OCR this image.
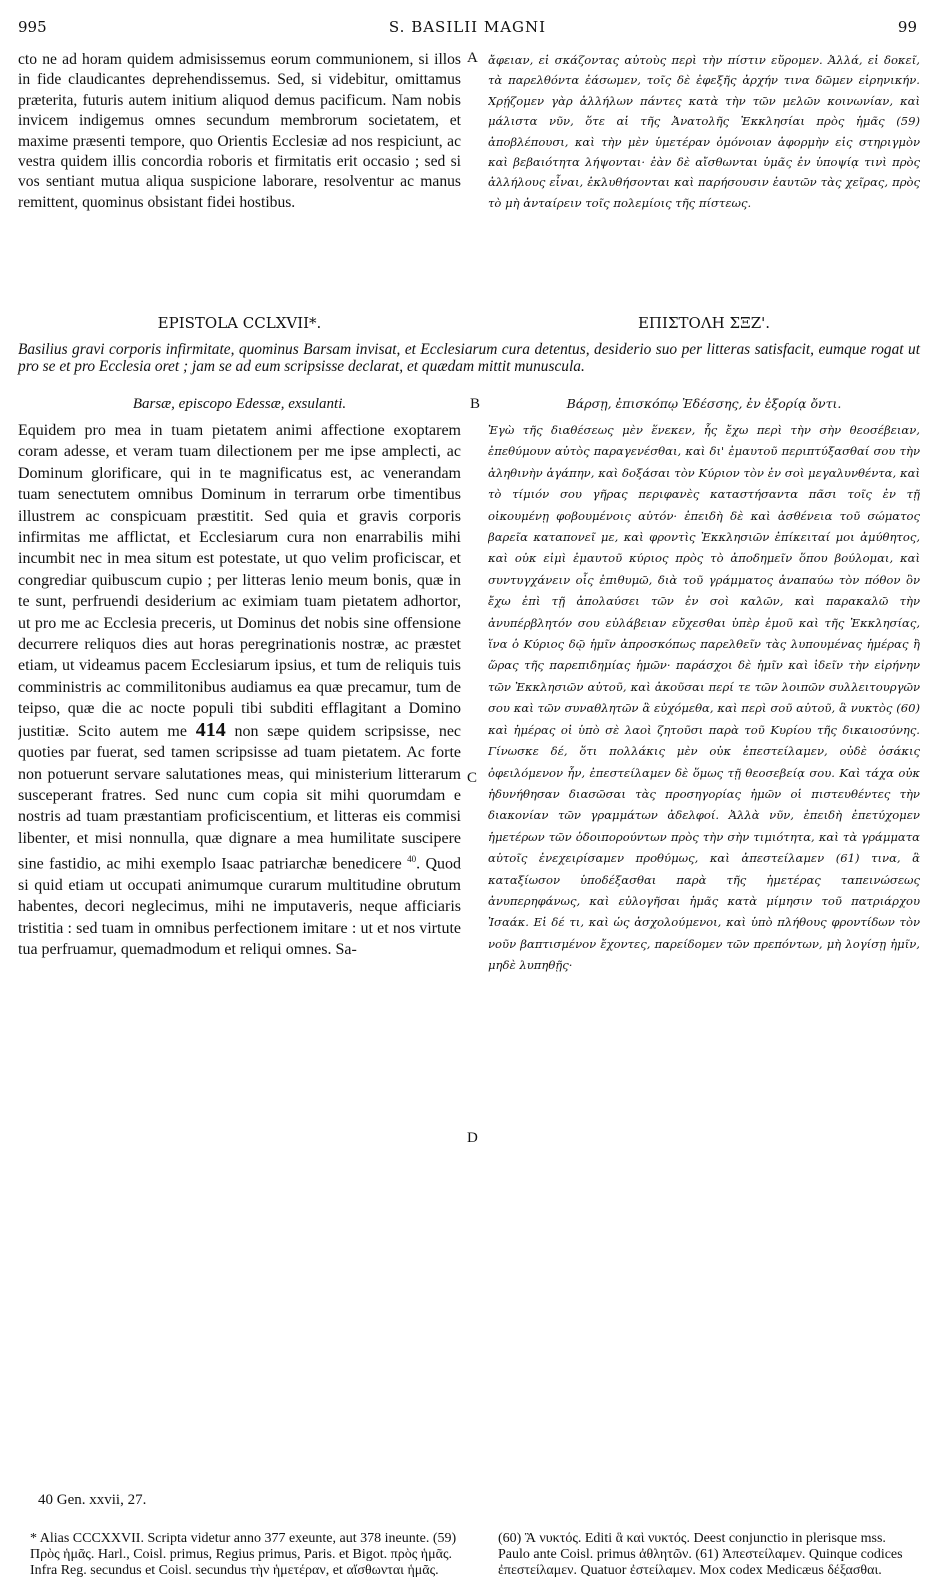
995	S. BASILII MAGNI	99

cto ne ad horam quidem admisissemus eorum communionem, si illos in fide claudicantes deprehendissemus. Sed, si videbitur, omittamus præterita, futuris autem initium aliquod demus pacificum. Nam nobis invicem indigemus omnes secundum membrorum societatem, et maxime præsenti tempore, quo Orientis Ecclesiæ ad nos respiciunt, ac vestra quidem illis concordia roboris et firmitatis erit occasio ; sed si vos sentiant mutua aliqua suspicione laborare, resolventur ac manus remittent, quominus obsistant fidei hostibus.

A ἄφειαν, εἰ σκάζοντας αὐτοὺς περὶ τὴν πίστιν εὕρομεν. Ἀλλά, εἰ δοκεῖ, τὰ παρελθόντα ἐάσωμεν, τοῖς δὲ ἐφεξῆς ἀρχήν τινα δῶμεν εἰρηνικήν. Χρῄζομεν γὰρ ἀλλήλων πάντες κατὰ τὴν τῶν μελῶν κοινωνίαν, καὶ μάλιστα νῦν, ὅτε αἱ τῆς Ἀνατολῆς Ἐκκλησίαι πρὸς ἡμᾶς (59) ἀποβλέπουσι, καὶ τὴν μὲν ὑμετέραν ὁμόνοιαν ἀφορμὴν εἰς στηριγμὸν καὶ βεβαιότητα λήψονται· ἐὰν δὲ αἴσθωνται ὑμᾶς ἐν ὑποψίᾳ τινὶ πρὸς ἀλλήλους εἶναι, ἐκλυθήσονται καὶ παρήσουσιν ἑαυτῶν τὰς χεῖρας, πρὸς τὸ μὴ ἀνταίρειν τοῖς πολεμίοις τῆς πίστεως.

EPISTOLA CCLXVII*.	ΕΠΙΣΤΟΛΗ ΣΞΖ'.
Basilius gravi corporis infirmitate, quominus Barsam invisat, et Ecclesiarum cura detentus, desiderio suo per litteras satisfacit, eumque rogat ut pro se et pro Ecclesia oret ; jam se ad eum scripsisse declarat, et quædam mittit munuscula.
Barsæ, episcopo Edessæ, exsulanti.	B	Βάρσῃ, ἐπισκόπῳ Ἐδέσσης, ἐν ἐξορίᾳ ὄντι.

Equidem pro mea in tuam pietatem animi affectione exoptarem coram adesse, et veram tuam dilectionem per me ipse amplecti, ac Dominum glorificare, qui in te magnificatus est, ac venerandam tuam senectutem omnibus Dominum in terrarum orbe timentibus illustrem ac conspicuam præstitit. Sed quia et gravis corporis infirmitas me afflictat, et Ecclesiarum cura non enarrabilis mihi incumbit nec in mea situm est potestate, ut quo velim proficiscar, et congrediar quibuscum cupio ; per litteras lenio meum bonis, quæ in te sunt, perfruendi desiderium ac eximiam tuam pietatem adhortor, ut pro me ac Ecclesia preceris, ut Dominus det nobis sine offensione decurrere reliquos dies aut horas peregrinationis nostræ, ac præstet etiam, ut videamus pacem Ecclesiarum ipsius, et tum de reliquis tuis comministris ac commilitonibus audiamus ea quæ precamur, tum de teipso, quæ die ac nocte populi tibi subditi efflagitant a Domino justitiæ. Scito autem me 414 non sæpe quidem scripsisse, nec quoties par fuerat, sed tamen scripsisse ad tuam pietatem. Ac forte non potuerunt servare salutationes meas, qui ministerium litterarum susceperant fratres. Sed nunc cum copia sit mihi quorumdam e nostris ad tuam præstantiam proficiscentium, et litteras eis commisi libenter, et misi nonnulla, quæ dignare a mea humilitate suscipere sine fastidio, ac mihi exemplo Isaac patriarchæ benedicere $^{40}$. Quod si quid etiam ut occupati animumque curarum multitudine obrutum habentes, decori neglecimus, mihi ne imputaveris, neque afficiaris tristitia : sed tuam in omnibus perfectionem imitare : ut et nos virtute tua perfruamur, quemadmodum et reliqui omnes. Sa-

C
D

Ἐγὼ τῆς διαθέσεως μὲν ἕνεκεν, ἧς ἔχω περὶ τὴν σὴν θεοσέβειαν, ἐπεθύμουν αὐτὸς παραγενέσθαι, καὶ δι' ἐμαυτοῦ περιπτύξασθαί σου τὴν ἀληθινὴν ἀγάπην, καὶ δοξάσαι τὸν Κύριον τὸν ἐν σοὶ μεγαλυνθέντα, καὶ τὸ τίμιόν σου γῆρας περιφανὲς καταστήσαντα πᾶσι τοῖς ἐν τῇ οἰκουμένῃ φοβουμένοις αὐτόν· ἐπειδὴ δὲ καὶ ἀσθένεια τοῦ σώματος βαρεῖα καταπονεῖ με, καὶ φροντὶς Ἐκκλησιῶν ἐπίκειταί μοι ἀμύθητος, καὶ οὐκ εἰμὶ ἐμαυτοῦ κύριος πρὸς τὸ ἀποδημεῖν ὅπου βούλομαι, καὶ συντυγχάνειν οἷς ἐπιθυμῶ, διὰ τοῦ γράμματος ἀναπαύω τὸν πόθον ὃν ἔχω ἐπὶ τῇ ἀπολαύσει τῶν ἐν σοὶ καλῶν, καὶ παρακαλῶ τὴν ἀνυπέρβλητόν σου εὐλάβειαν εὔχεσθαι ὑπὲρ ἐμοῦ καὶ τῆς Ἐκκλησίας, ἵνα ὁ Κύριος δῷ ἡμῖν ἀπροσκόπως παρελθεῖν τὰς λυπουμένας ἡμέρας ἢ ὥρας τῆς παρεπιδημίας ἡμῶν· παράσχοι δὲ ἡμῖν καὶ ἰδεῖν τὴν εἰρήνην τῶν Ἐκκλησιῶν αὐτοῦ, καὶ ἀκοῦσαι περί τε τῶν λοιπῶν συλλειτουργῶν σου καὶ τῶν συναθλητῶν ἃ εὐχόμεθα, καὶ περὶ σοῦ αὐτοῦ, ἃ νυκτὸς (60) καὶ ἡμέρας οἱ ὑπὸ σὲ λαοὶ ζητοῦσι παρὰ τοῦ Κυρίου τῆς δικαιοσύνης. Γίνωσκε δέ, ὅτι πολλάκις μὲν οὐκ ἐπεστείλαμεν, οὐδὲ ὁσάκις ὀφειλόμενον ἦν, ἐπεστείλαμεν δὲ ὅμως τῇ θεοσεβείᾳ σου. Καὶ τάχα οὐκ ἠδυνήθησαν διασῶσαι τὰς προσηγορίας ἡμῶν οἱ πιστευθέντες τὴν διακονίαν τῶν γραμμάτων ἀδελφοί. Ἀλλὰ νῦν, ἐπειδὴ ἐπετύχομεν ἡμετέρων τῶν ὁδοιπορούντων πρὸς τὴν σὴν τιμιότητα, καὶ τὰ γράμματα αὐτοῖς ἐνεχειρίσαμεν προθύμως, καὶ ἀπεστείλαμεν (61) τινα, ἃ καταξίωσον ὑποδέξασθαι παρὰ τῆς ἡμετέρας ταπεινώσεως ἀνυπερηφάνως, καὶ εὐλογῆσαι ἡμᾶς κατὰ μίμησιν τοῦ πατριάρχου Ἰσαάκ. Εἰ δέ τι, καὶ ὡς ἀσχολούμενοι, καὶ ὑπὸ πλήθους φροντίδων τὸν νοῦν βαπτισμένον ἔχοντες, παρείδομεν τῶν πρεπόντων, μὴ λογίσῃ ἡμῖν, μηδὲ λυπηθῇς·

40 Gen. xxvii, 27.
* Alias CCCXXVII. Scripta videtur anno 377 exeunte, aut 378 ineunte. (59) Πρὸς ἡμᾶς. Harl., Coisl. primus, Regius primus, Paris. et Bigot. πρὸς ἡμᾶς. Infra Reg. secundus et Coisl. secundus τὴν ἡμετέραν, et αἴσθωνται ἡμᾶς.
(60) Ἃ νυκτός. Editi ἃ καὶ νυκτός. Deest conjunctio in plerisque mss. Paulo ante Coisl. primus ἀθλητῶν. (61) Ἀπεστείλαμεν. Quinque codices ἐπεστείλαμεν. Quatuor ἐστείλαμεν. Mox codex Medicæus δέξασθαι.
